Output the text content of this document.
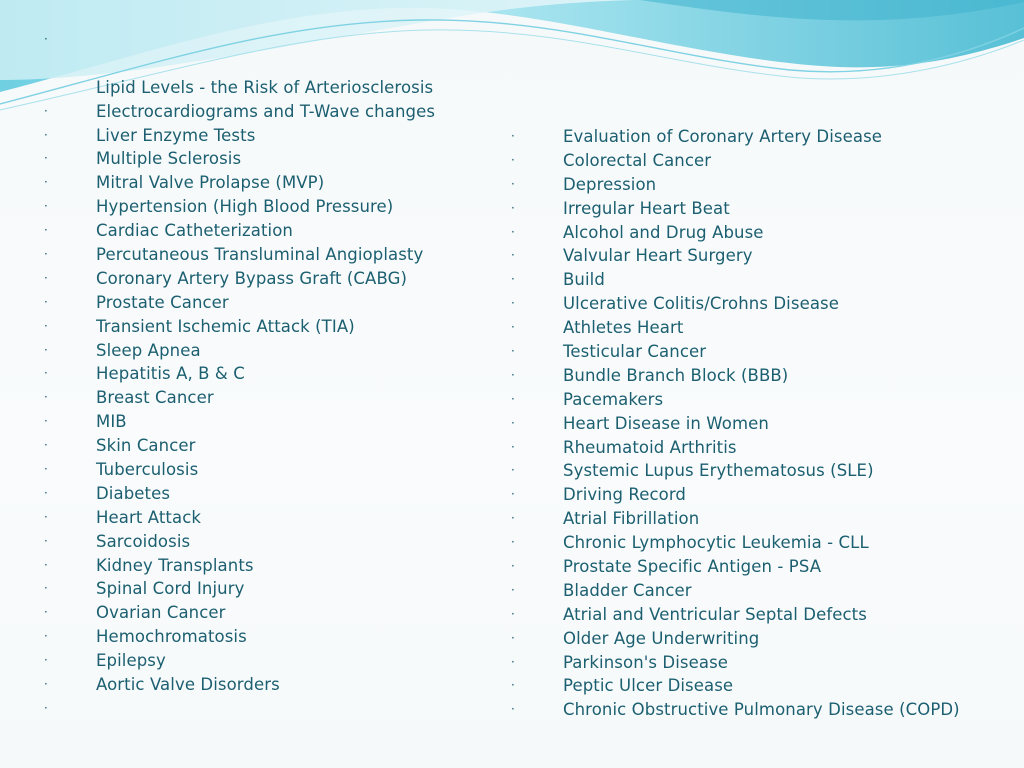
·
Lipid Levels - the Risk of Arteriosclerosis
·	Electrocardiograms and T-Wave changes
·	Liver Enzyme Tests
·	Multiple Sclerosis
·	Mitral Valve Prolapse (MVP)
·	Hypertension (High Blood Pressure)
·	Cardiac Catheterization
·	Percutaneous Transluminal Angioplasty
·	Coronary Artery Bypass Graft (CABG)
·	Prostate Cancer
·	Transient Ischemic Attack (TIA)
·	Sleep Apnea
·	Hepatitis A, B & C
·	Breast Cancer
·	MIB
·	Skin Cancer
·	Tuberculosis
·	Diabetes
·	Heart Attack
·	Sarcoidosis
·	Kidney Transplants
·	Spinal Cord Injury
·	Ovarian Cancer
·	Hemochromatosis
·	Epilepsy
·	Aortic Valve Disorders
·
·	Evaluation of Coronary Artery Disease
·	Colorectal Cancer
·	Depression
·	Irregular Heart Beat
·	Alcohol and Drug Abuse
·	Valvular Heart Surgery
·	Build
·	Ulcerative Colitis/Crohns Disease
·	Athletes Heart
·	Testicular Cancer
·	Bundle Branch Block (BBB)
·	Pacemakers
·	Heart Disease in Women
·	Rheumatoid Arthritis
·	Systemic Lupus Erythematosus (SLE)
·	Driving Record
·	Atrial Fibrillation
·	Chronic Lymphocytic Leukemia - CLL
·	Prostate Specific Antigen - PSA
·	Bladder Cancer
·	Atrial and Ventricular Septal Defects
·	Older Age Underwriting
·	Parkinson's Disease
·	Peptic Ulcer Disease
·	Chronic Obstructive Pulmonary Disease (COPD)
